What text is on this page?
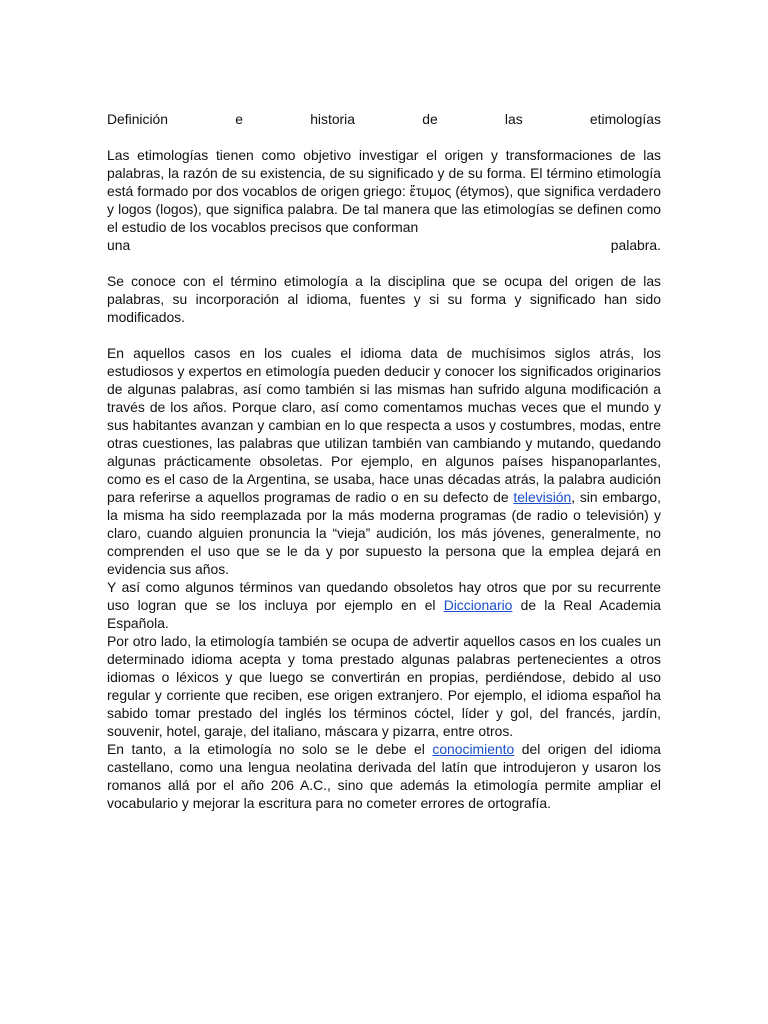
Definición	e	historia	de	las	etimologías

Las etimologías tienen como objetivo investigar el origen y transformaciones de las palabras, la razón de su existencia, de su significado y de su forma. El término etimología está formado por dos vocablos de origen griego: ἔτυμος (étymos), que significa verdadero y logos (logos), que significa palabra. De tal manera que las etimologías se definen como el estudio de los vocablos precisos que conforman

una	palabra.

Se conoce con el término etimología a la disciplina que se ocupa del origen de las palabras, su incorporación al idioma, fuentes y si su forma y significado han sido modificados.

En aquellos casos en los cuales el idioma data de muchísimos siglos atrás, los estudiosos y expertos en etimología pueden deducir y conocer los significados originarios de algunas palabras, así como también si las mismas han sufrido alguna modificación a través de los años. Porque claro, así como comentamos muchas veces que el mundo y sus habitantes avanzan y cambian en lo que respecta a usos y costumbres, modas, entre otras cuestiones, las palabras que utilizan también van cambiando y mutando, quedando algunas prácticamente obsoletas. Por ejemplo, en algunos países hispanoparlantes, como es el caso de la Argentina, se usaba, hace unas décadas atrás, la palabra audición para referirse a aquellos programas de radio o en su defecto de televisión, sin embargo, la misma ha sido reemplazada por la más moderna programas (de radio o televisión) y claro, cuando alguien pronuncia la “vieja” audición, los más jóvenes, generalmente, no comprenden el uso que se le da y por supuesto la persona que la emplea dejará en evidencia sus años.

Y así como algunos términos van quedando obsoletos hay otros que por su recurrente uso logran que se los incluya por ejemplo en el Diccionario de la Real Academia Española.

Por otro lado, la etimología también se ocupa de advertir aquellos casos en los cuales un determinado idioma acepta y toma prestado algunas palabras pertenecientes a otros idiomas o léxicos y que luego se convertirán en propias, perdiéndose, debido al uso regular y corriente que reciben, ese origen extranjero. Por ejemplo, el idioma español ha sabido tomar prestado del inglés los términos cóctel, líder y gol, del francés, jardín, souvenir, hotel, garaje, del italiano, máscara y pizarra, entre otros.

En tanto, a la etimología no solo se le debe el conocimiento del origen del idioma castellano, como una lengua neolatina derivada del latín que introdujeron y usaron los romanos allá por el año 206 A.C., sino que además la etimología permite ampliar el vocabulario y mejorar la escritura para no cometer errores de ortografía.
